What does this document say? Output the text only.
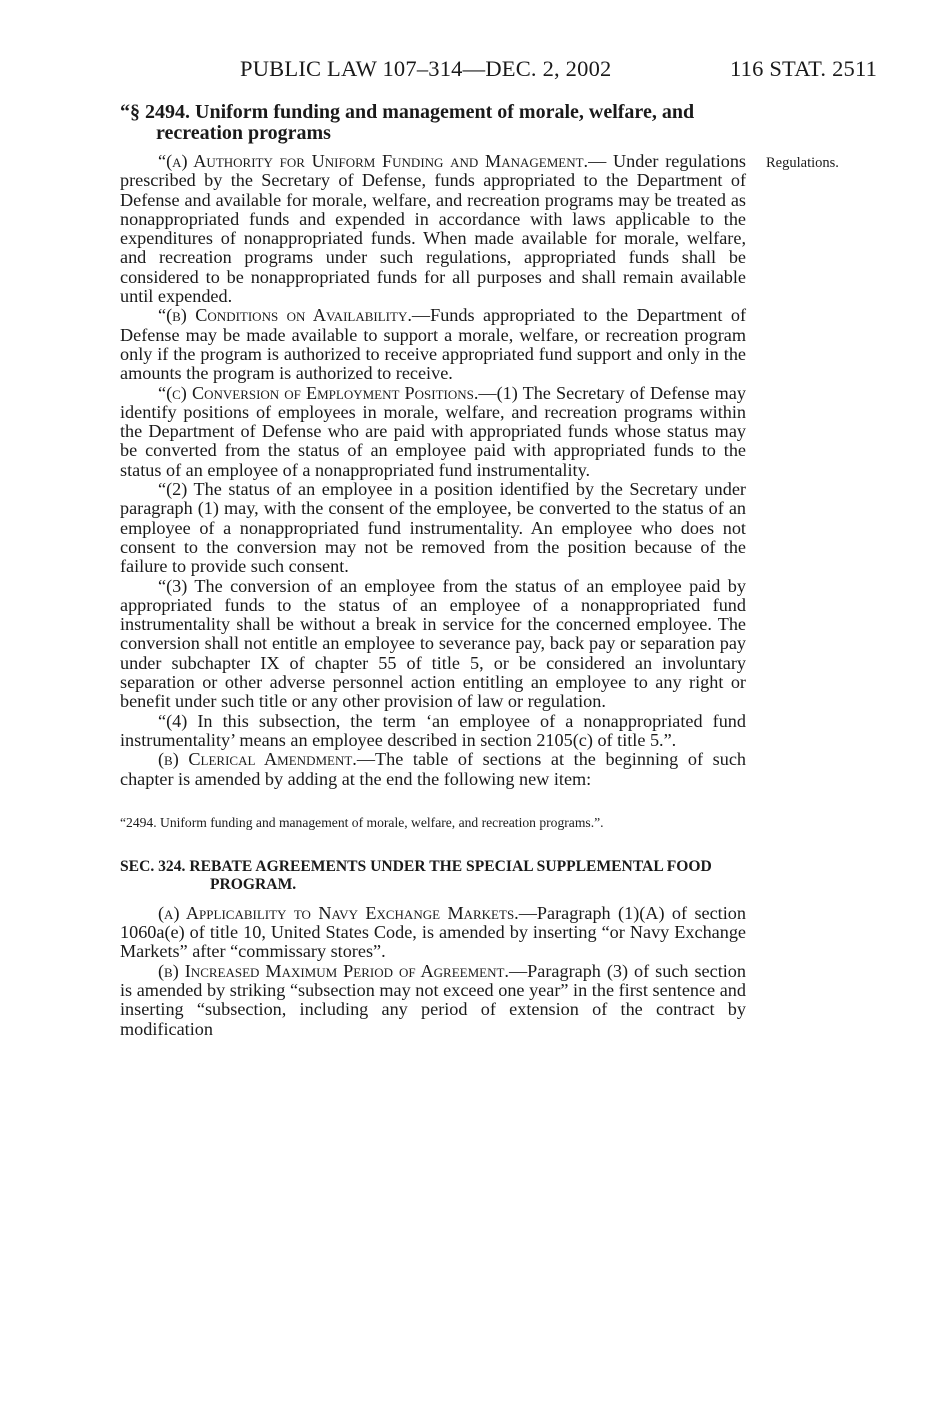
PUBLIC LAW 107–314—DEC. 2, 2002	116 STAT. 2511
Regulations.

“§ 2494. Uniform funding and management of morale, welfare, and recreation programs

“(a) Authority for Uniform Funding and Management.— Under regulations prescribed by the Secretary of Defense, funds appropriated to the Department of Defense and available for morale, welfare, and recreation programs may be treated as nonappropriated funds and expended in accordance with laws applicable to the expenditures of nonappropriated funds. When made available for morale, welfare, and recreation programs under such regulations, appropriated funds shall be considered to be nonappropriated funds for all purposes and shall remain available until expended.

“(b) Conditions on Availability.—Funds appropriated to the Department of Defense may be made available to support a morale, welfare, or recreation program only if the program is authorized to receive appropriated fund support and only in the amounts the program is authorized to receive.

“(c) Conversion of Employment Positions.—(1) The Secretary of Defense may identify positions of employees in morale, welfare, and recreation programs within the Department of Defense who are paid with appropriated funds whose status may be converted from the status of an employee paid with appropriated funds to the status of an employee of a nonappropriated fund instrumentality.

“(2) The status of an employee in a position identified by the Secretary under paragraph (1) may, with the consent of the employee, be converted to the status of an employee of a nonappropriated fund instrumentality. An employee who does not consent to the conversion may not be removed from the position because of the failure to provide such consent.

“(3) The conversion of an employee from the status of an employee paid by appropriated funds to the status of an employee of a nonappropriated fund instrumentality shall be without a break in service for the concerned employee. The conversion shall not entitle an employee to severance pay, back pay or separation pay under subchapter IX of chapter 55 of title 5, or be considered an involuntary separation or other adverse personnel action entitling an employee to any right or benefit under such title or any other provision of law or regulation.

“(4) In this subsection, the term ‘an employee of a nonappropriated fund instrumentality’ means an employee described in section 2105(c) of title 5.”.

(b) Clerical Amendment.—The table of sections at the beginning of such chapter is amended by adding at the end the following new item:

“2494. Uniform funding and management of morale, welfare, and recreation programs.”.

SEC. 324. REBATE AGREEMENTS UNDER THE SPECIAL SUPPLEMENTAL FOOD PROGRAM.

(a) Applicability to Navy Exchange Markets.—Paragraph (1)(A) of section 1060a(e) of title 10, United States Code, is amended by inserting “or Navy Exchange Markets” after “commissary stores”.

(b) Increased Maximum Period of Agreement.—Paragraph (3) of such section is amended by striking “subsection may not exceed one year” in the first sentence and inserting “subsection, including any period of extension of the contract by modification
